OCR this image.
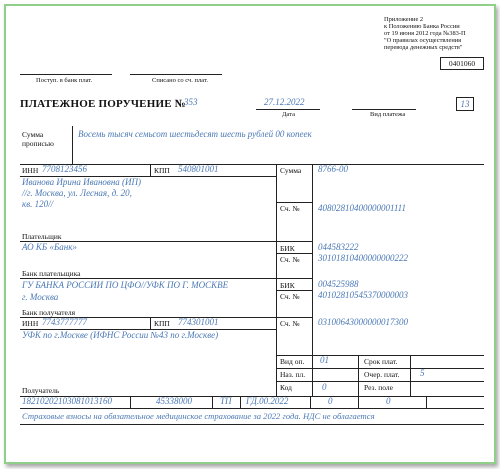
Приложение 2
к Положению Банка России
от 19 июня 2012 года №383-П
"О правилах осуществления
перевода денежных средств"
0401060
Поступ. в банк плат.	Списано со сч. плат.
ПЛАТЕЖНОЕ ПОРУЧЕНИЕ №
353	27.12.2022
Дата	Вид платежа
13
Сумма
прописью
Восемь тысяч семьсот шестьдесят шесть рублей 00 копеек
ИНН 7708123456	КПП 540801001	Сумма 8766-00
Иванова Ирина Ивановна (ИП)
//г. Москва, ул. Лесная, д. 20,
кв. 120//	Сч. № 40802810400000001111
Плательщик
АО КБ «Банк»	БИК	044583222
Сч. № 30101810400000000222
Банк плательщика
ГУ БАНКА РОССИИ ПО ЦФО//УФК ПО Г. МОСКВЕ
г. Москва
БИК	004525988
Сч. № 40102810545370000003
Банк получателя
ИНН 7743777777	КПП 774301001	Сч. № 03100643000000017300
УФК по г.Москве (ИФНС России №43 по г.Москве)
Вид оп. 01	Срок плат.
Наз. пл.	Очер. плат. 5
Код	0	Рез. поле
Получатель
18210202103081013160	45338000	ТП ГД.00.2022	0	0
Страховые взносы на обязательное медицинское страхование за 2022 года. НДС не облагается
